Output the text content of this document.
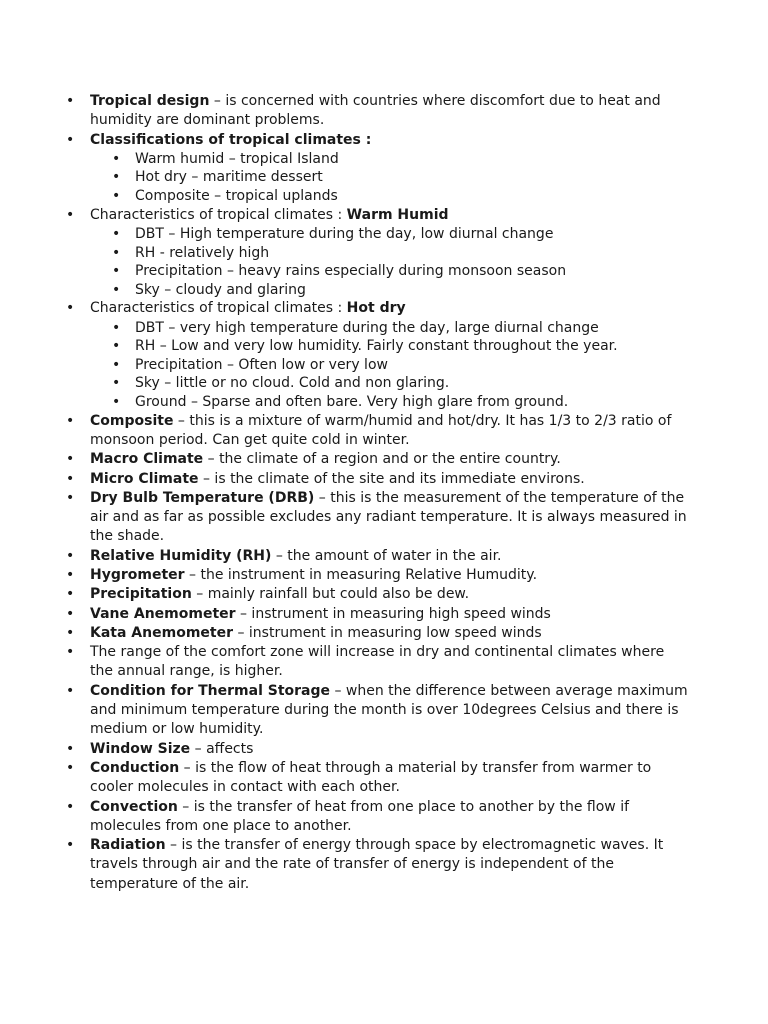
• Tropical design – is concerned with countries where discomfort due to heat and humidity are dominant problems.
• Classifications of tropical climates :
• Warm humid – tropical Island
• Hot dry – maritime dessert
• Composite – tropical uplands
• Characteristics of tropical climates : Warm Humid
• DBT – High temperature during the day, low diurnal change
• RH - relatively high
• Precipitation – heavy rains especially during monsoon season
• Sky – cloudy and glaring
• Characteristics of tropical climates : Hot dry
• DBT – very high temperature during the day, large diurnal change
• RH – Low and very low humidity. Fairly constant throughout the year.
• Precipitation – Often low or very low
• Sky – little or no cloud. Cold and non glaring.
• Ground – Sparse and often bare. Very high glare from ground.
• Composite – this is a mixture of warm/humid and hot/dry. It has 1/3 to 2/3 ratio of monsoon period. Can get quite cold in winter.
• Macro Climate – the climate of a region and or the entire country.
• Micro Climate – is the climate of the site and its immediate environs.
• Dry Bulb Temperature (DRB) – this is the measurement of the temperature of the air and as far as possible excludes any radiant temperature. It is always measured in the shade.
• Relative Humidity (RH) – the amount of water in the air.
• Hygrometer – the instrument in measuring Relative Humudity.
• Precipitation – mainly rainfall but could also be dew.
• Vane Anemometer – instrument in measuring high speed winds
• Kata Anemometer – instrument in measuring low speed winds
• The range of the comfort zone will increase in dry and continental climates where the annual range, is higher.
• Condition for Thermal Storage – when the difference between average maximum and minimum temperature during the month is over 10degrees Celsius and there is medium or low humidity.
• Window Size – affects
• Conduction – is the flow of heat through a material by transfer from warmer to cooler molecules in contact with each other.
• Convection – is the transfer of heat from one place to another by the flow if molecules from one place to another.
• Radiation – is the transfer of energy through space by electromagnetic waves. It travels through air and the rate of transfer of energy is independent of the temperature of the air.
